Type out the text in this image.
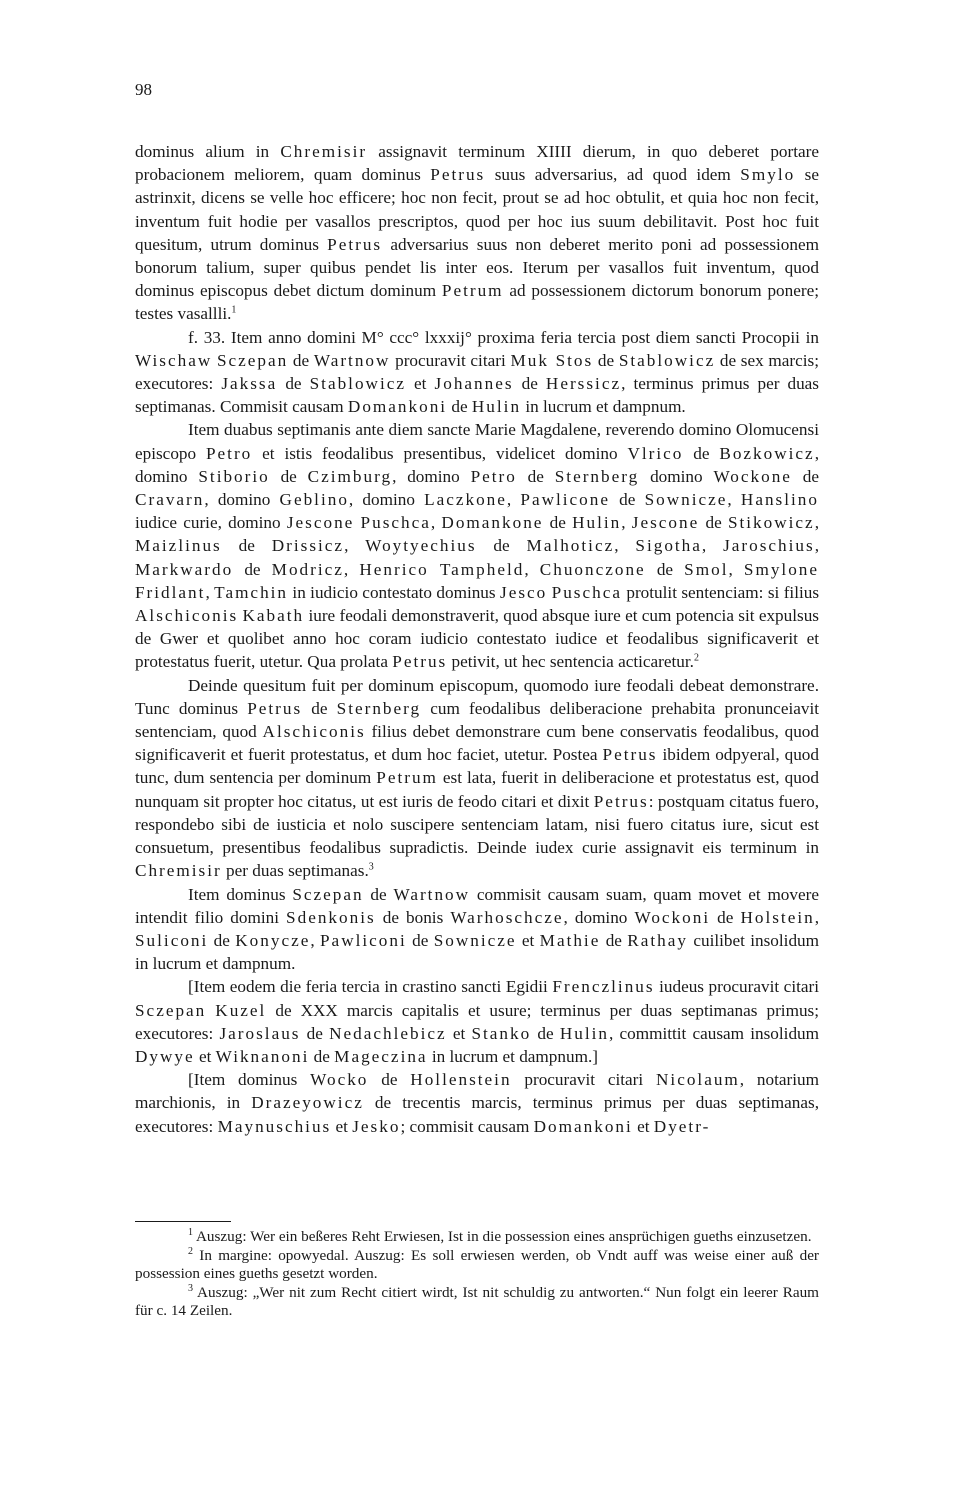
98

dominus alium in Chremisir assignavit terminum XIIII dierum, in quo deberet portare probacionem meliorem, quam dominus Petrus suus adversarius, ad quod idem Smylo se astrinxit, dicens se velle hoc efficere; hoc non fecit, prout se ad hoc obtulit, et quia hoc non fecit, inventum fuit hodie per vasallos prescriptos, quod per hoc ius suum debilitavit. Post hoc fuit quesitum, utrum dominus Petrus adversarius suus non deberet merito poni ad possessionem bonorum talium, super quibus pendet lis inter eos. Iterum per vasallos fuit inventum, quod dominus episcopus debet dictum dominum Petrum ad possessionem dictorum bonorum ponere; testes vasallli.$^1$

f. 33. Item anno domini M° ccc° lxxxij° proxima feria tercia post diem sancti Procopii in Wischaw Sczepan de Wartnow procuravit citari Muk Stos de Stablowicz de sex marcis; executores: Jakssa de Stablowicz et Johannes de Herssicz, terminus primus per duas septimanas. Commisit causam Domankoni de Hulin in lucrum et dampnum.

Item duabus septimanis ante diem sancte Marie Magdalene, reverendo domino Olomucensi episcopo Petro et istis feodalibus presentibus, videlicet domino Vlrico de Bozkowicz, domino Stiborio de Czimburg, domino Petro de Sternberg domino Wockone de Cravarn, domino Geblino, domino Laczkone, Pawlicone de Sownicze, Hanslino iudice curie, domino Jescone Puschca, Domankone de Hulin, Jescone de Stikowicz, Maizlinus de Drissicz, Woytyechius de Malhoticz, Sigotha, Jaroschius, Markwardo de Modricz, Henrico Tampheld, Chuonczone de Smol, Smylone Fridlant, Tamchin in iudicio contestato dominus Jesco Puschca protulit sentenciam: si filius Alschiconis Kabath iure feodali demonstraverit, quod absque iure et cum potencia sit expulsus de Gwer et quolibet anno hoc coram iudicio contestato iudice et feodalibus significaverit et protestatus fuerit, utetur. Qua prolata Petrus petivit, ut hec sentencia acticaretur.$^2$

Deinde quesitum fuit per dominum episcopum, quomodo iure feodali debeat demonstrare. Tunc dominus Petrus de Sternberg cum feodalibus deliberacione prehabita pronunceiavit sentenciam, quod Alschiconis filius debet demonstrare cum bene conservatis feodalibus, quod significaverit et fuerit protestatus, et dum hoc faciet, utetur. Postea Petrus ibidem odpyeral, quod tunc, dum sentencia per dominum Petrum est lata, fuerit in deliberacione et protestatus est, quod nunquam sit propter hoc citatus, ut est iuris de feodo citari et dixit Petrus: postquam citatus fuero, respondebo sibi de iusticia et nolo suscipere sentenciam latam, nisi fuero citatus iure, sicut est consuetum, presentibus feodalibus supradictis. Deinde iudex curie assignavit eis terminum in Chremisir per duas septimanas.$^3$

Item dominus Sczepan de Wartnow commisit causam suam, quam movet et movere intendit filio domini Sdenkonis de bonis Warhoschcze, domino Wockoni de Holstein, Suliconi de Konycze, Pawliconi de Sownicze et Mathie de Rathay cuilibet insolidum in lucrum et dampnum.

[Item eodem die feria tercia in crastino sancti Egidii Frenczlinus iudeus procuravit citari Sczepan Kuzel de XXX marcis capitalis et usure; terminus per duas septimanas primus; executores: Jaroslaus de Nedachlebicz et Stanko de Hulin, committit causam insolidum Dywye et Wiknanoni de Mageczina in lucrum et dampnum.]

[Item dominus Wocko de Hollenstein procuravit citari Nicolaum, notarium marchionis, in Drazeyowicz de trecentis marcis, terminus primus per duas septimanas, executores: Maynuschius et Jesko; commisit causam Domankoni et Dyetr-

$^1$ Auszug: Wer ein beßeres Reht Erwiesen, Ist in die possession eines ansprüchigen gueths einzusetzen.

$^2$ In margine: opowyedal. Auszug: Es soll erwiesen werden, ob Vndt auff was weise einer auß der possession eines gueths gesetzt worden.

$^3$ Auszug: „Wer nit zum Recht citiert wirdt, Ist nit schuldig zu antworten.“ Nun folgt ein leerer Raum für c. 14 Zeilen.
